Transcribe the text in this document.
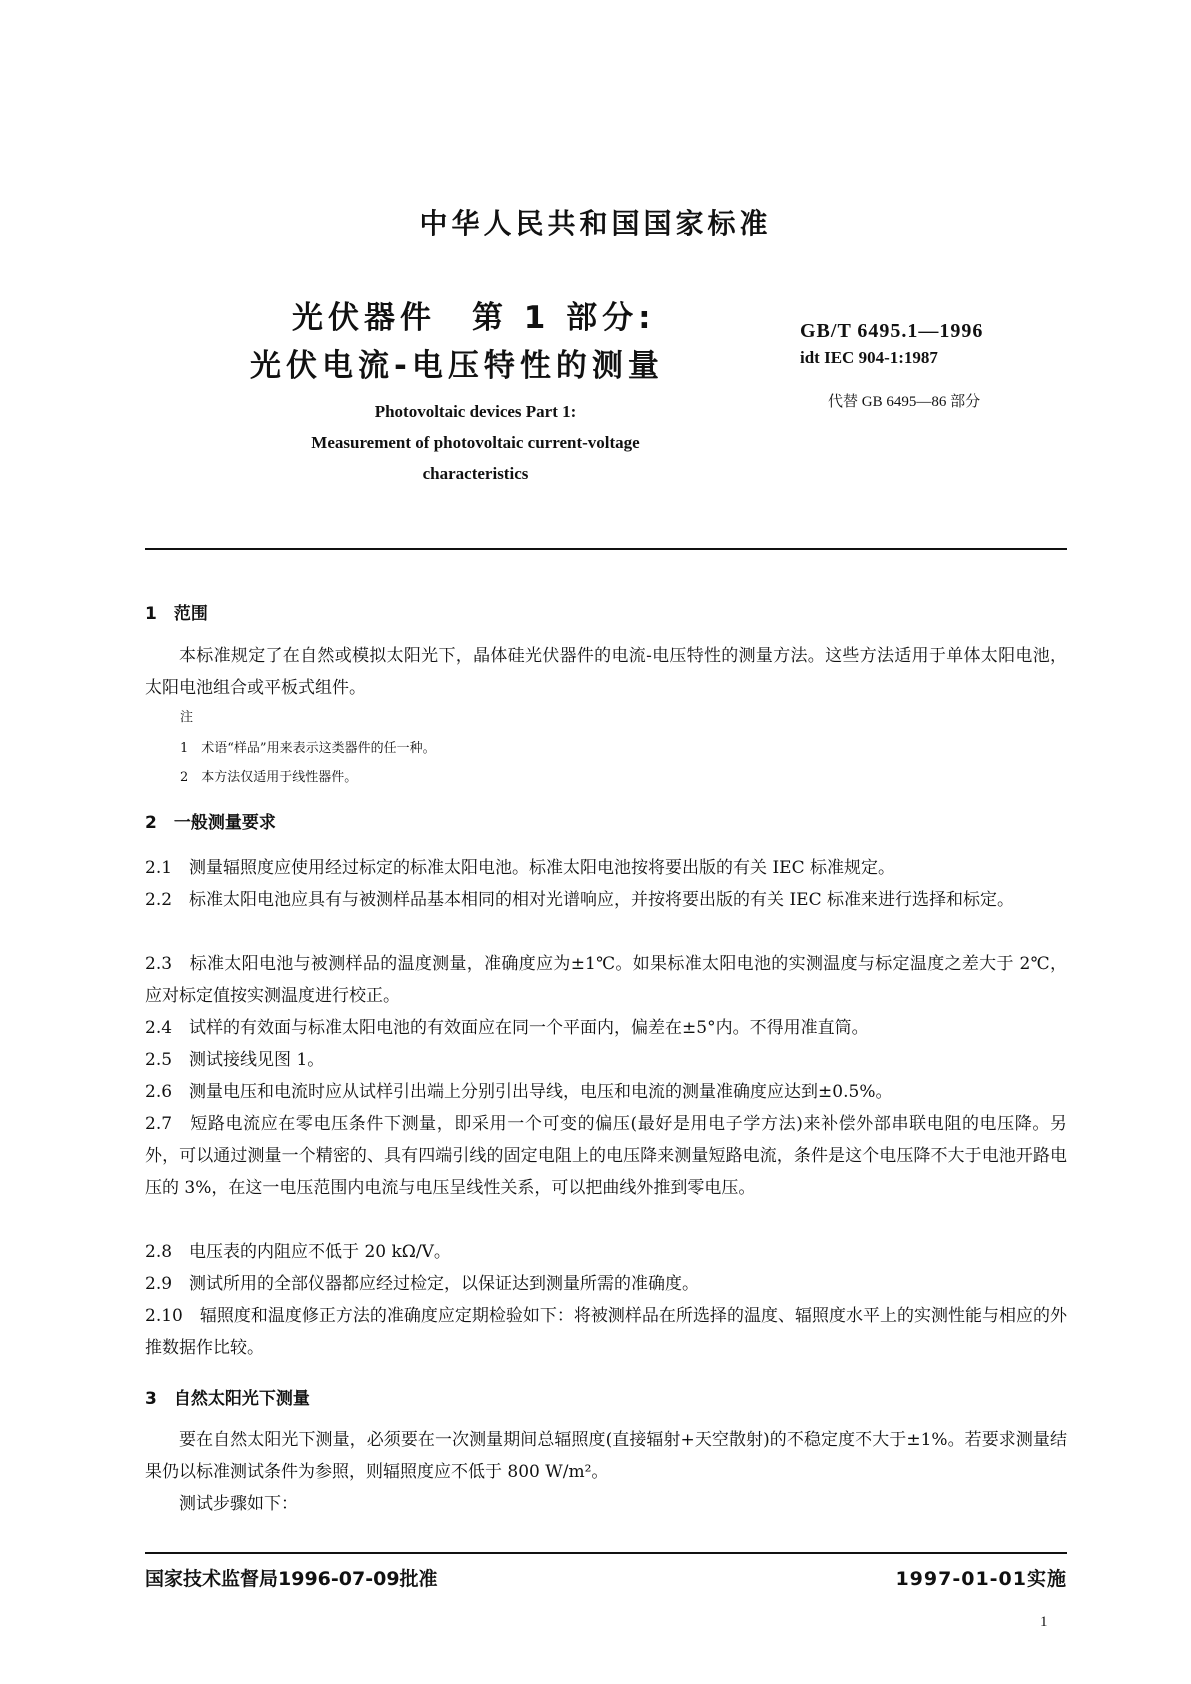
中华人民共和国国家标准
光伏器件　第 1 部分:
光伏电流-电压特性的测量
GB/T 6495.1—1996
idt IEC 904-1:1987
代替 GB 6495—86 部分
Photovoltaic devices Part 1:
Measurement of photovoltaic current-voltage
characteristics
1　范围
本标准规定了在自然或模拟太阳光下，晶体硅光伏器件的电流-电压特性的测量方法。这些方法适用于单体太阳电池，太阳电池组合或平板式组件。
注
1　术语“样品”用来表示这类器件的任一种。
2　本方法仅适用于线性器件。
2　一般测量要求
2.1　测量辐照度应使用经过标定的标准太阳电池。标准太阳电池按将要出版的有关 IEC 标准规定。
2.2　标准太阳电池应具有与被测样品基本相同的相对光谱响应，并按将要出版的有关 IEC 标准来进行选择和标定。
2.3　标准太阳电池与被测样品的温度测量，准确度应为±1℃。如果标准太阳电池的实测温度与标定温度之差大于 2℃，应对标定值按实测温度进行校正。
2.4　试样的有效面与标准太阳电池的有效面应在同一个平面内，偏差在±5°内。不得用准直筒。
2.5　测试接线见图 1。
2.6　测量电压和电流时应从试样引出端上分别引出导线，电压和电流的测量准确度应达到±0.5%。
2.7　短路电流应在零电压条件下测量，即采用一个可变的偏压(最好是用电子学方法)来补偿外部串联电阻的电压降。另外，可以通过测量一个精密的、具有四端引线的固定电阻上的电压降来测量短路电流，条件是这个电压降不大于电池开路电压的 3%，在这一电压范围内电流与电压呈线性关系，可以把曲线外推到零电压。
2.8　电压表的内阻应不低于 20 kΩ/V。
2.9　测试所用的全部仪器都应经过检定，以保证达到测量所需的准确度。
2.10　辐照度和温度修正方法的准确度应定期检验如下：将被测样品在所选择的温度、辐照度水平上的实测性能与相应的外推数据作比较。
3　自然太阳光下测量
要在自然太阳光下测量，必须要在一次测量期间总辐照度(直接辐射+天空散射)的不稳定度不大于±1%。若要求测量结果仍以标准测试条件为参照，则辐照度应不低于 800 W/m²。
测试步骤如下：
国家技术监督局1996-07-09批准	1997-01-01实施
1
